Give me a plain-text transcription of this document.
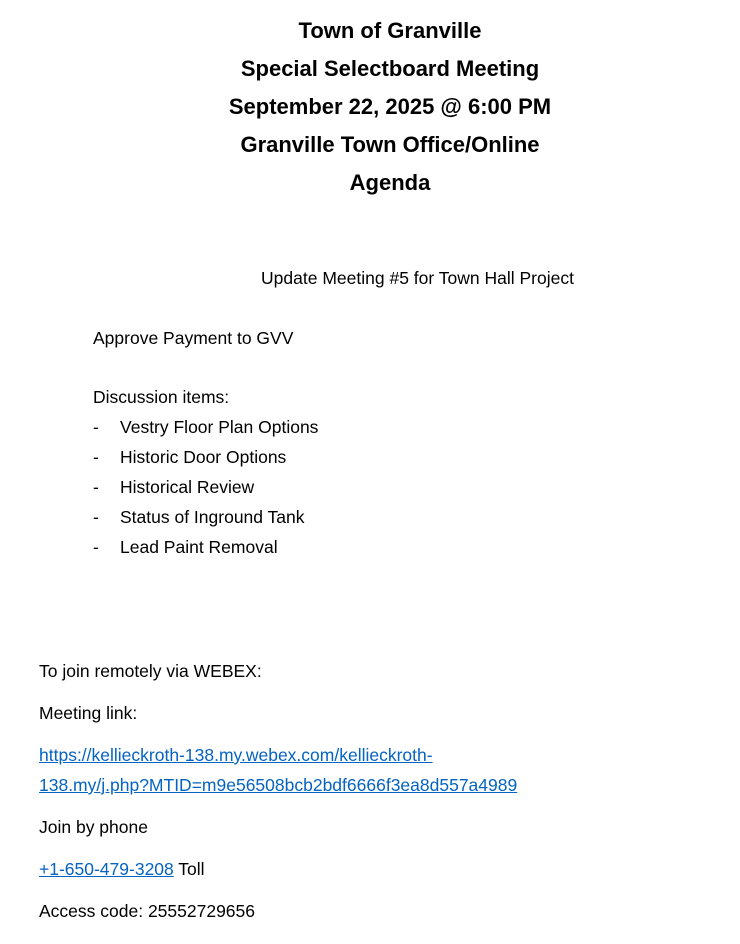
Town of Granville
Special Selectboard Meeting
September 22, 2025 @ 6:00 PM
Granville Town Office/Online
Agenda
Update Meeting #5 for Town Hall Project
Approve Payment to GVV
Discussion items:
-	Vestry Floor Plan Options
-	Historic Door Options
-	Historical Review
-	Status of Inground Tank
-	Lead Paint Removal
To join remotely via WEBEX:
Meeting link:
https://kellieckroth-138.my.webex.com/kellieckroth-
138.my/j.php?MTID=m9e56508bcb2bdf6666f3ea8d557a4989
Join by phone
+1-650-479-3208 Toll
Access code: 25552729656
